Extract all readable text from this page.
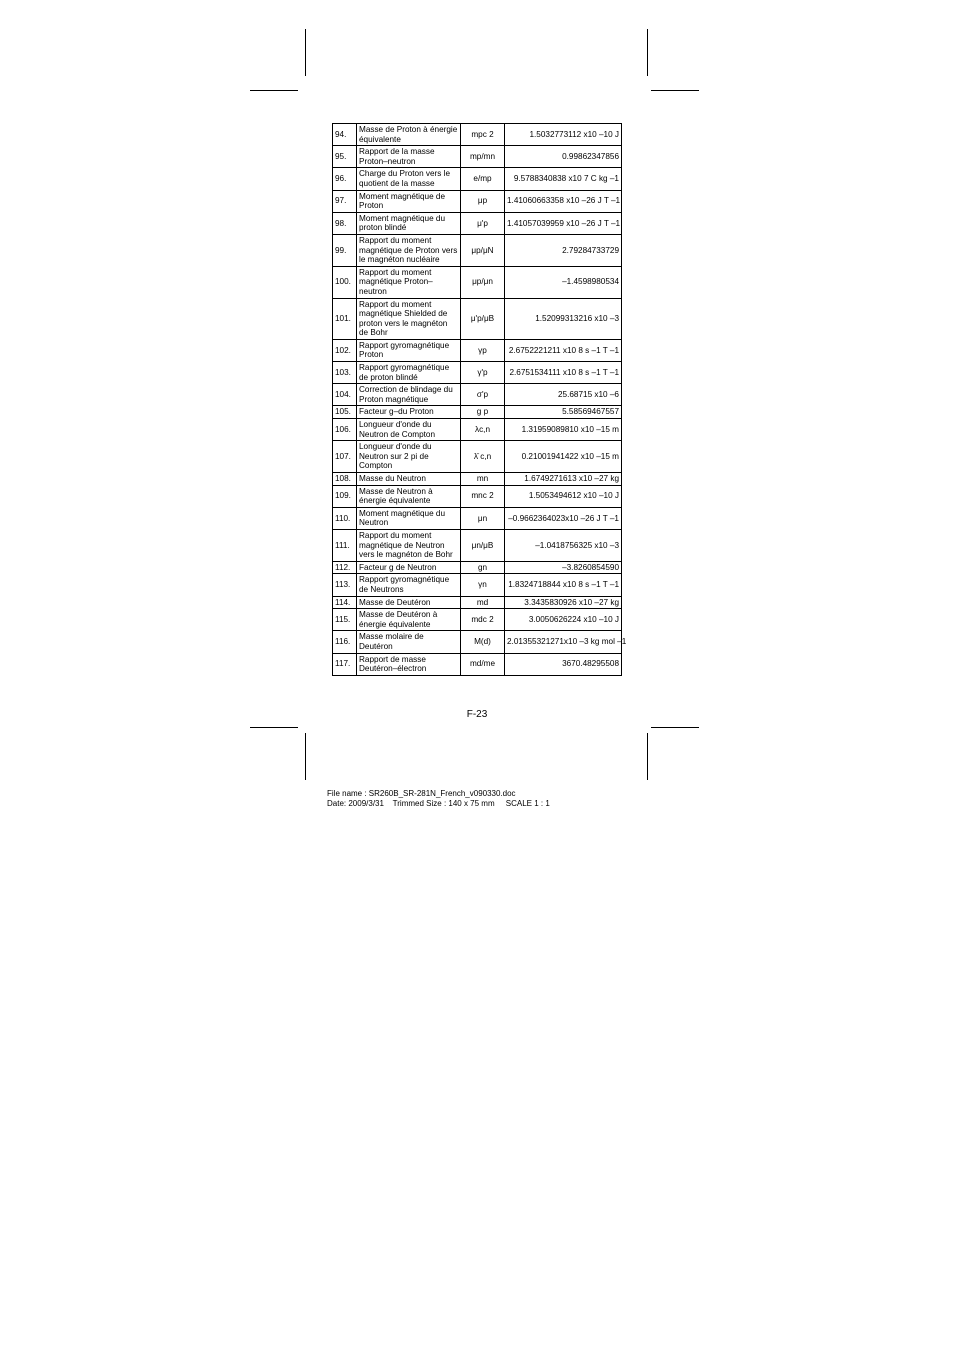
94.	Masse de Proton à énergie équivalente	mpc 2	1.5032773112 x10 –10 J
95.	Rapport de la masse Proton–neutron	mp/mn	0.99862347856
96.	Charge du Proton vers le quotient de la masse	e/mp	9.5788340838 x10 7 C kg –1
97.	Moment magnétique de Proton	μp	1.41060663358 x10 –26 J T –1
98.	Moment magnétique du proton blindé	μ'p	1.41057039959 x10 –26 J T –1
99.	Rapport du moment magnétique de Proton vers le magnéton nucléaire	μp/μN	2.79284733729
100.	Rapport du moment magnétique Proton–neutron	μp/μn	–1.4598980534
101.	Rapport du moment magnétique Shielded de proton vers le magnéton de Bohr	μ'p/μB	1.52099313216 x10 –3
102.	Rapport gyromagnétique Proton	γp	2.6752221211 x10 8 s –1 T –1
103.	Rapport gyromagnétique de proton blindé	γ'p	2.6751534111 x10 8 s –1 T –1
104.	Correction de blindage du Proton magnétique	σ'p	25.68715 x10 –6
105.	Facteur g–du Proton	g p	5.58569467557
106.	Longueur d'onde du Neutron de Compton	λc,n	1.31959089810 x10 –15 m
107.	Longueur d'onde du Neutron sur 2 pi de Compton	λ̄ c,n	0.21001941422 x10 –15 m
108.	Masse du Neutron	mn	1.6749271613 x10 –27 kg
109.	Masse de Neutron à énergie équivalente	mnc 2	1.5053494612 x10 –10 J
110.	Moment magnétique du Neutron	μn	–0.9662364023x10 –26 J T –1
111.	Rapport du moment magnétique de Neutron vers le magnéton de Bohr	μn/μB	–1.0418756325 x10 –3
112.	Facteur g de Neutron	gn	–3.8260854590
113.	Rapport gyromagnétique de Neutrons	γn	1.8324718844 x10 8 s –1 T –1
114.	Masse de Deutéron	md	3.3435830926 x10 –27 kg
115.	Masse de Deutéron à énergie équivalente	mdc 2	3.0050626224 x10 –10 J
116.	Masse molaire de Deutéron	M(d)	2.01355321271x10 –3 kg mol –1
117.	Rapport de masse Deutéron–électron	md/me	3670.48295508
F-23
File name : SR260B_SR-281N_French_v090330.doc
Date: 2009/3/31    Trimmed Size : 140 x 75 mm     SCALE 1 : 1
